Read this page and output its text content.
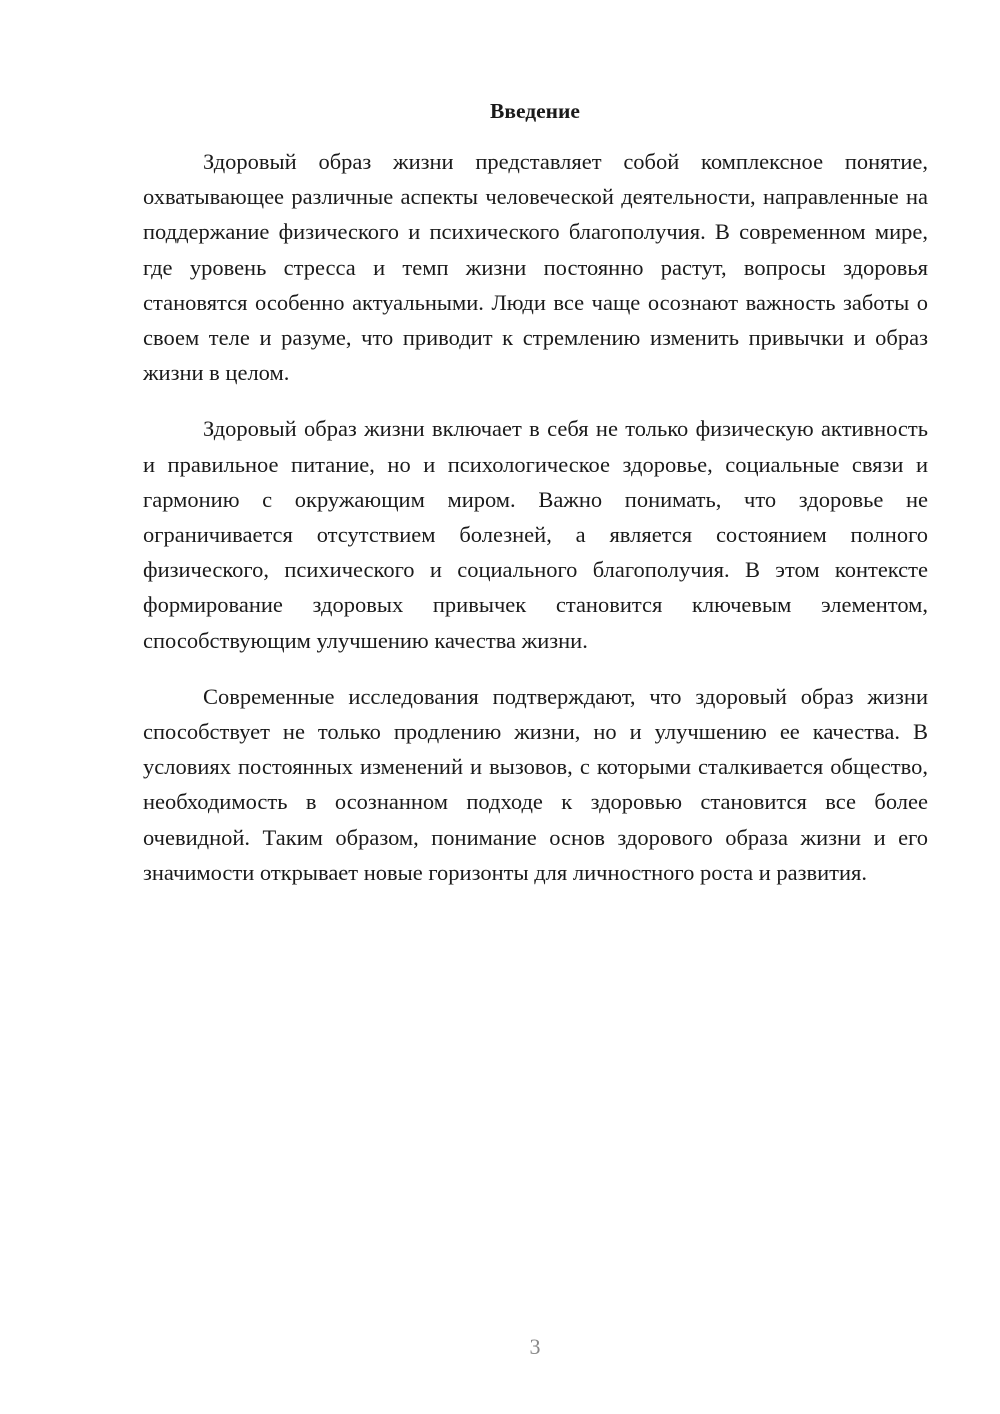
Введение

Здоровый образ жизни представляет собой комплексное понятие, охватывающее различные аспекты человеческой деятельности, направленные на поддержание физического и психического благополучия. В современном мире, где уровень стресса и темп жизни постоянно растут, вопросы здоровья становятся особенно актуальными. Люди все чаще осознают важность заботы о своем теле и разуме, что приводит к стремлению изменить привычки и образ жизни в целом.

Здоровый образ жизни включает в себя не только физическую активность и правильное питание, но и психологическое здоровье, социальные связи и гармонию с окружающим миром. Важно понимать, что здоровье не ограничивается отсутствием болезней, а является состоянием полного физического, психического и социального благополучия. В этом контексте формирование здоровых привычек становится ключевым элементом, способствующим улучшению качества жизни.

Современные исследования подтверждают, что здоровый образ жизни способствует не только продлению жизни, но и улучшению ее качества. В условиях постоянных изменений и вызовов, с которыми сталкивается общество, необходимость в осознанном подходе к здоровью становится все более очевидной. Таким образом, понимание основ здорового образа жизни и его значимости открывает новые горизонты для личностного роста и развития.

3
